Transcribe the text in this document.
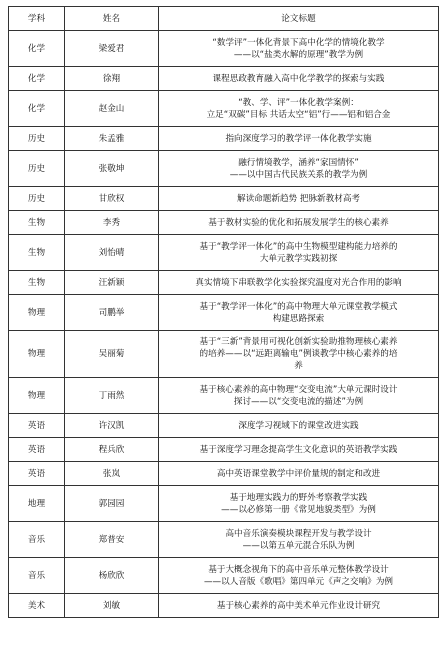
学科	姓名	论文标题
化学	梁爱君	“数学评”一体化背景下高中化学的情境化教学
——以“盐类水解的原理”教学为例

化学	徐翔	课程思政教育融入高中化学教学的探索与实践

化学	赵金山	“教、学、评”一体化教学案例：
立足“双碳”目标 共话太空“铝”行——铝和铝合金

历史	朱孟雅	指向深度学习的教学评一体化教学实施

历史	张敬坤	融行情境教学，涵养“家国情怀”
——以中国古代民族关系的教学为例

历史	甘欣权	解读命题新趋势 把脉新教材高考

生物	李秀	基于教材实验的优化和拓展发展学生的核心素养

生物	刘怡晴	基于“教学评一体化”的高中生物模型建构能力培养的
大单元教学实践初探

生物	汪新颖	真实情境下串联教学化实验探究温度对光合作用的影响

物理	司鹏举	基于“教学评一体化”的高中物理大单元课堂教学模式
构建思路探索

物理	吴丽菊	基于“三新”背景用可视化创新实验助推物理核心素养
的培养——以“远距离输电”例谈教学中核心素养的培
养

物理	丁雨然	基于核心素养的高中物理“交变电流”大单元课时设计
探讨——以“交变电流的描述”为例

英语	许汉凯	深度学习视域下的课堂改进实践

英语	程兵欣	基于深度学习理念提高学生文化意识的英语教学实践

英语	张岚	高中英语课堂教学中评价量规的制定和改进

地理	郭园园	基于地理实践力的野外考察教学实践
——以必修第一册《常见地貌类型》为例

音乐	郑普安	高中音乐演奏模块课程开发与教学设计
——以第五单元混合乐队为例

音乐	杨欣欣	基于大概念视角下的高中音乐单元整体教学设计
——以人音版《歌唱》第四单元《声之交响》为例

美术	刘敏	基于核心素养的高中美术单元作业设计研究
